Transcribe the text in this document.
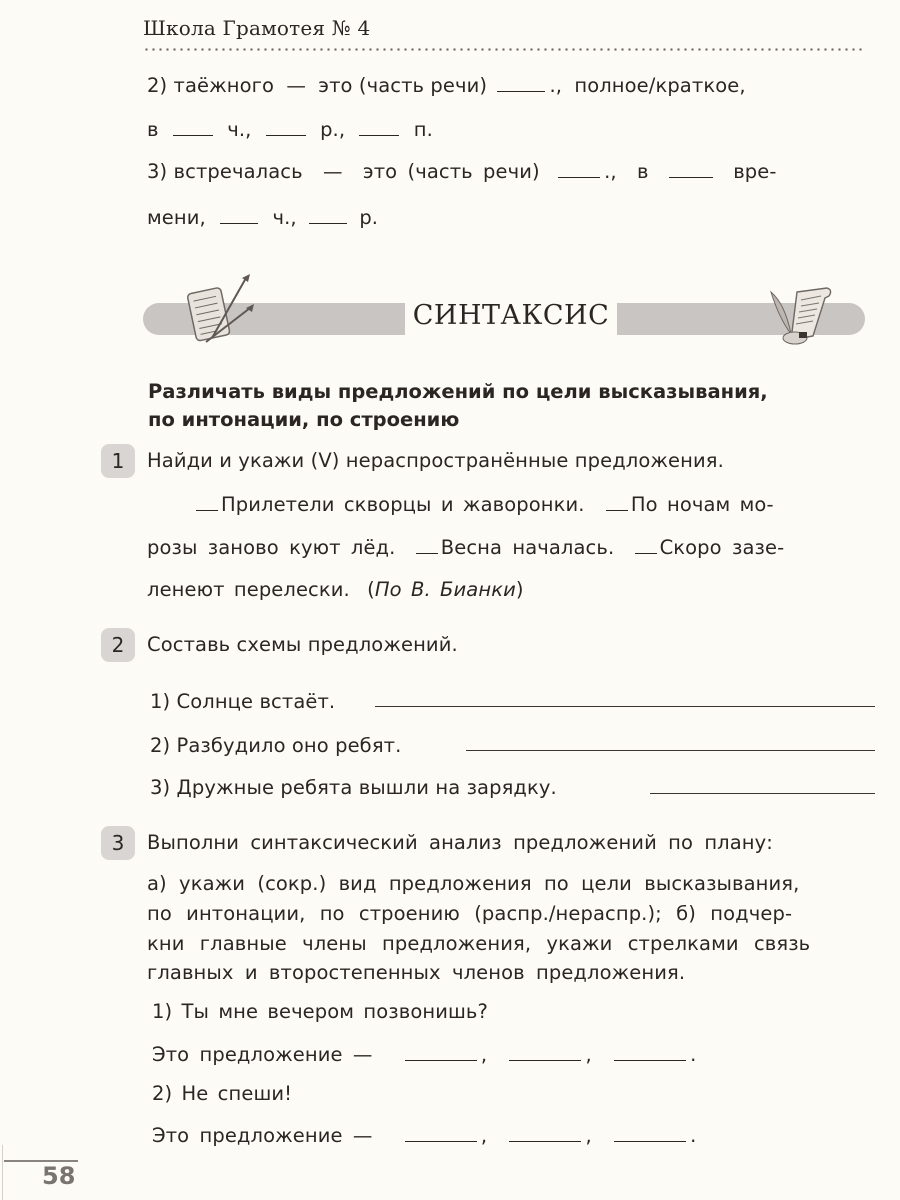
Школа Грамотея № 4
2) таёжного — это (часть речи)	., полное/краткое,
в	ч.,	р.,	п.
3) встречалась — это (часть речи)	., в	вре-
мени,	ч.,	р.
СИНТАКСИС
Различать виды предложений по цели высказывания,
по интонации, по строению
1	Найди и укажи (V) нераспространённые предложения.
Прилетели скворцы и жаворонки. По ночам мо-
розы заново куют лёд. Весна началась. Скоро зазе-
ленеют перелески. (По В. Бианки)
2	Составь схемы предложений.
1) Солнце встаёт.
2) Разбудило оно ребят.
3) Дружные ребята вышли на зарядку.
3	Выполни синтаксический анализ предложений по плану:
а) укажи (сокр.) вид предложения по цели высказывания,
по интонации, по строению (распр./нераспр.); б) подчер-
кни главные члены предложения, укажи стрелками связь
главных и второстепенных членов предложения.
1) Ты мне вечером позвонишь?
Это предложение —	,	,	.
2) Не спеши!
Это предложение —	,	,	.
58
